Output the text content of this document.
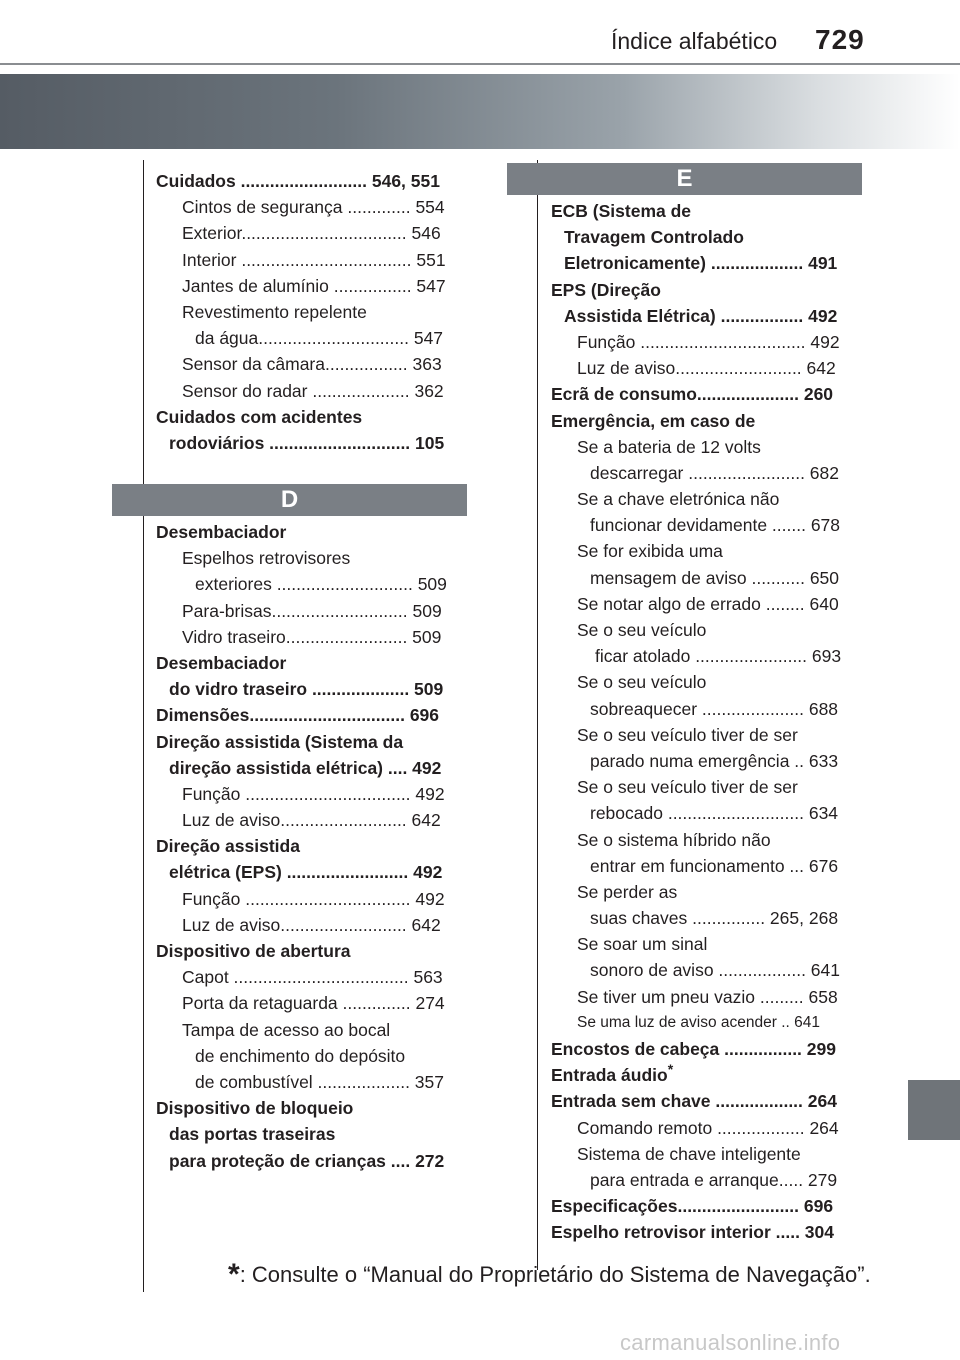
Índice alfabético 729
Cuidados .......................... 546, 551
Cintos de segurança ............. 554
Exterior.................................. 546
Interior ................................... 551
Jantes de alumínio ................ 547
Revestimento repelente
da água............................... 547
Sensor da câmara................. 363
Sensor do radar .................... 362
Cuidados com acidentes
rodoviários ............................. 105
D
Desembaciador
Espelhos retrovisores
exteriores ............................ 509
Para-brisas............................ 509
Vidro traseiro......................... 509
Desembaciador
do vidro traseiro .................... 509
Dimensões................................ 696
Direção assistida (Sistema da
direção assistida elétrica) .... 492
Função .................................. 492
Luz de aviso.......................... 642
Direção assistida
elétrica (EPS) ......................... 492
Função .................................. 492
Luz de aviso.......................... 642
Dispositivo de abertura
Capot .................................... 563
Porta da retaguarda .............. 274
Tampa de acesso ao bocal
de enchimento do depósito
de combustível ................... 357
Dispositivo de bloqueio
das portas traseiras
para proteção de crianças .... 272
E
ECB (Sistema de
Travagem Controlado
Eletronicamente) ................... 491
EPS (Direção
Assistida Elétrica) ................. 492
Função .................................. 492
Luz de aviso.......................... 642
Ecrã de consumo..................... 260
Emergência, em caso de
Se a bateria de 12 volts
descarregar ........................ 682
Se a chave eletrónica não
funcionar devidamente ....... 678
Se for exibida uma
mensagem de aviso ........... 650
Se notar algo de errado ........ 640
Se o seu veículo
ficar atolado ....................... 693
Se o seu veículo
sobreaquecer ..................... 688
Se o seu veículo tiver de ser
parado numa emergência .. 633
Se o seu veículo tiver de ser
rebocado ............................ 634
Se o sistema híbrido não
entrar em funcionamento ... 676
Se perder as
suas chaves ............... 265, 268
Se soar um sinal
sonoro de aviso .................. 641
Se tiver um pneu vazio ......... 658
Se uma luz de aviso acender .. 641
Encostos de cabeça ................ 299
Entrada áudio*
Entrada sem chave .................. 264
Comando remoto .................. 264
Sistema de chave inteligente
para entrada e arranque..... 279
Especificações......................... 696
Espelho retrovisor interior ..... 304
*: Consulte o “Manual do Proprietário do Sistema de Navegação”.
carmanualsonline.info
